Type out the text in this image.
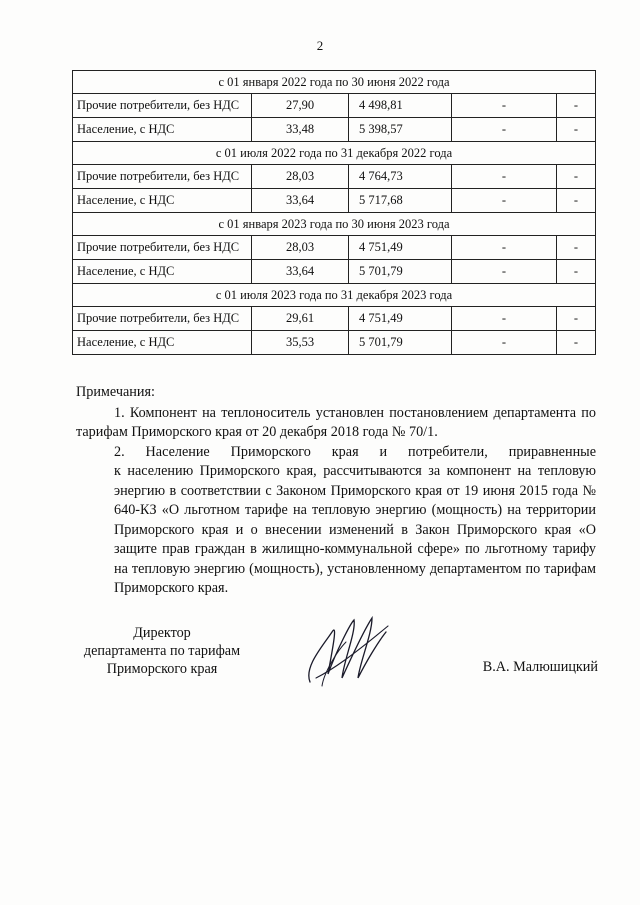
2
с 01 января 2022 года по 30 июня 2022 года				
Прочие потребители, без НДС	27,90	4 498,81	-	-
Население, с НДС	33,48	5 398,57	-	-
с 01 июля 2022 года по 31 декабря 2022 года				
Прочие потребители, без НДС	28,03	4 764,73	-	-
Население, с НДС	33,64	5 717,68	-	-
с 01 января 2023 года по 30 июня 2023 года				
Прочие потребители, без НДС	28,03	4 751,49	-	-
Население, с НДС	33,64	5 701,79	-	-
с 01 июля 2023 года по 31 декабря 2023 года				
Прочие потребители, без НДС	29,61	4 751,49	-	-
Население, с НДС	35,53	5 701,79	-	-

Примечания:

1. Компонент на теплоноситель установлен постановлением департамента по тарифам Приморского края от 20 декабря 2018 года № 70/1.

2. Население Приморского края и потребители, приравненные

к населению Приморского края, рассчитываются за компонент на тепловую энергию в соответствии с Законом Приморского края от 19 июня 2015 года № 640-КЗ «О льготном тарифе на тепловую энергию (мощность) на территории Приморского края и о внесении изменений в Закон Приморского края «О защите прав граждан в жилищно-коммунальной сфере» по льготному тарифу на тепловую энергию (мощность), установленному департаментом по тарифам Приморского края.

Директор
департамента по тарифам
Приморского края	В.А. Малюшицкий
